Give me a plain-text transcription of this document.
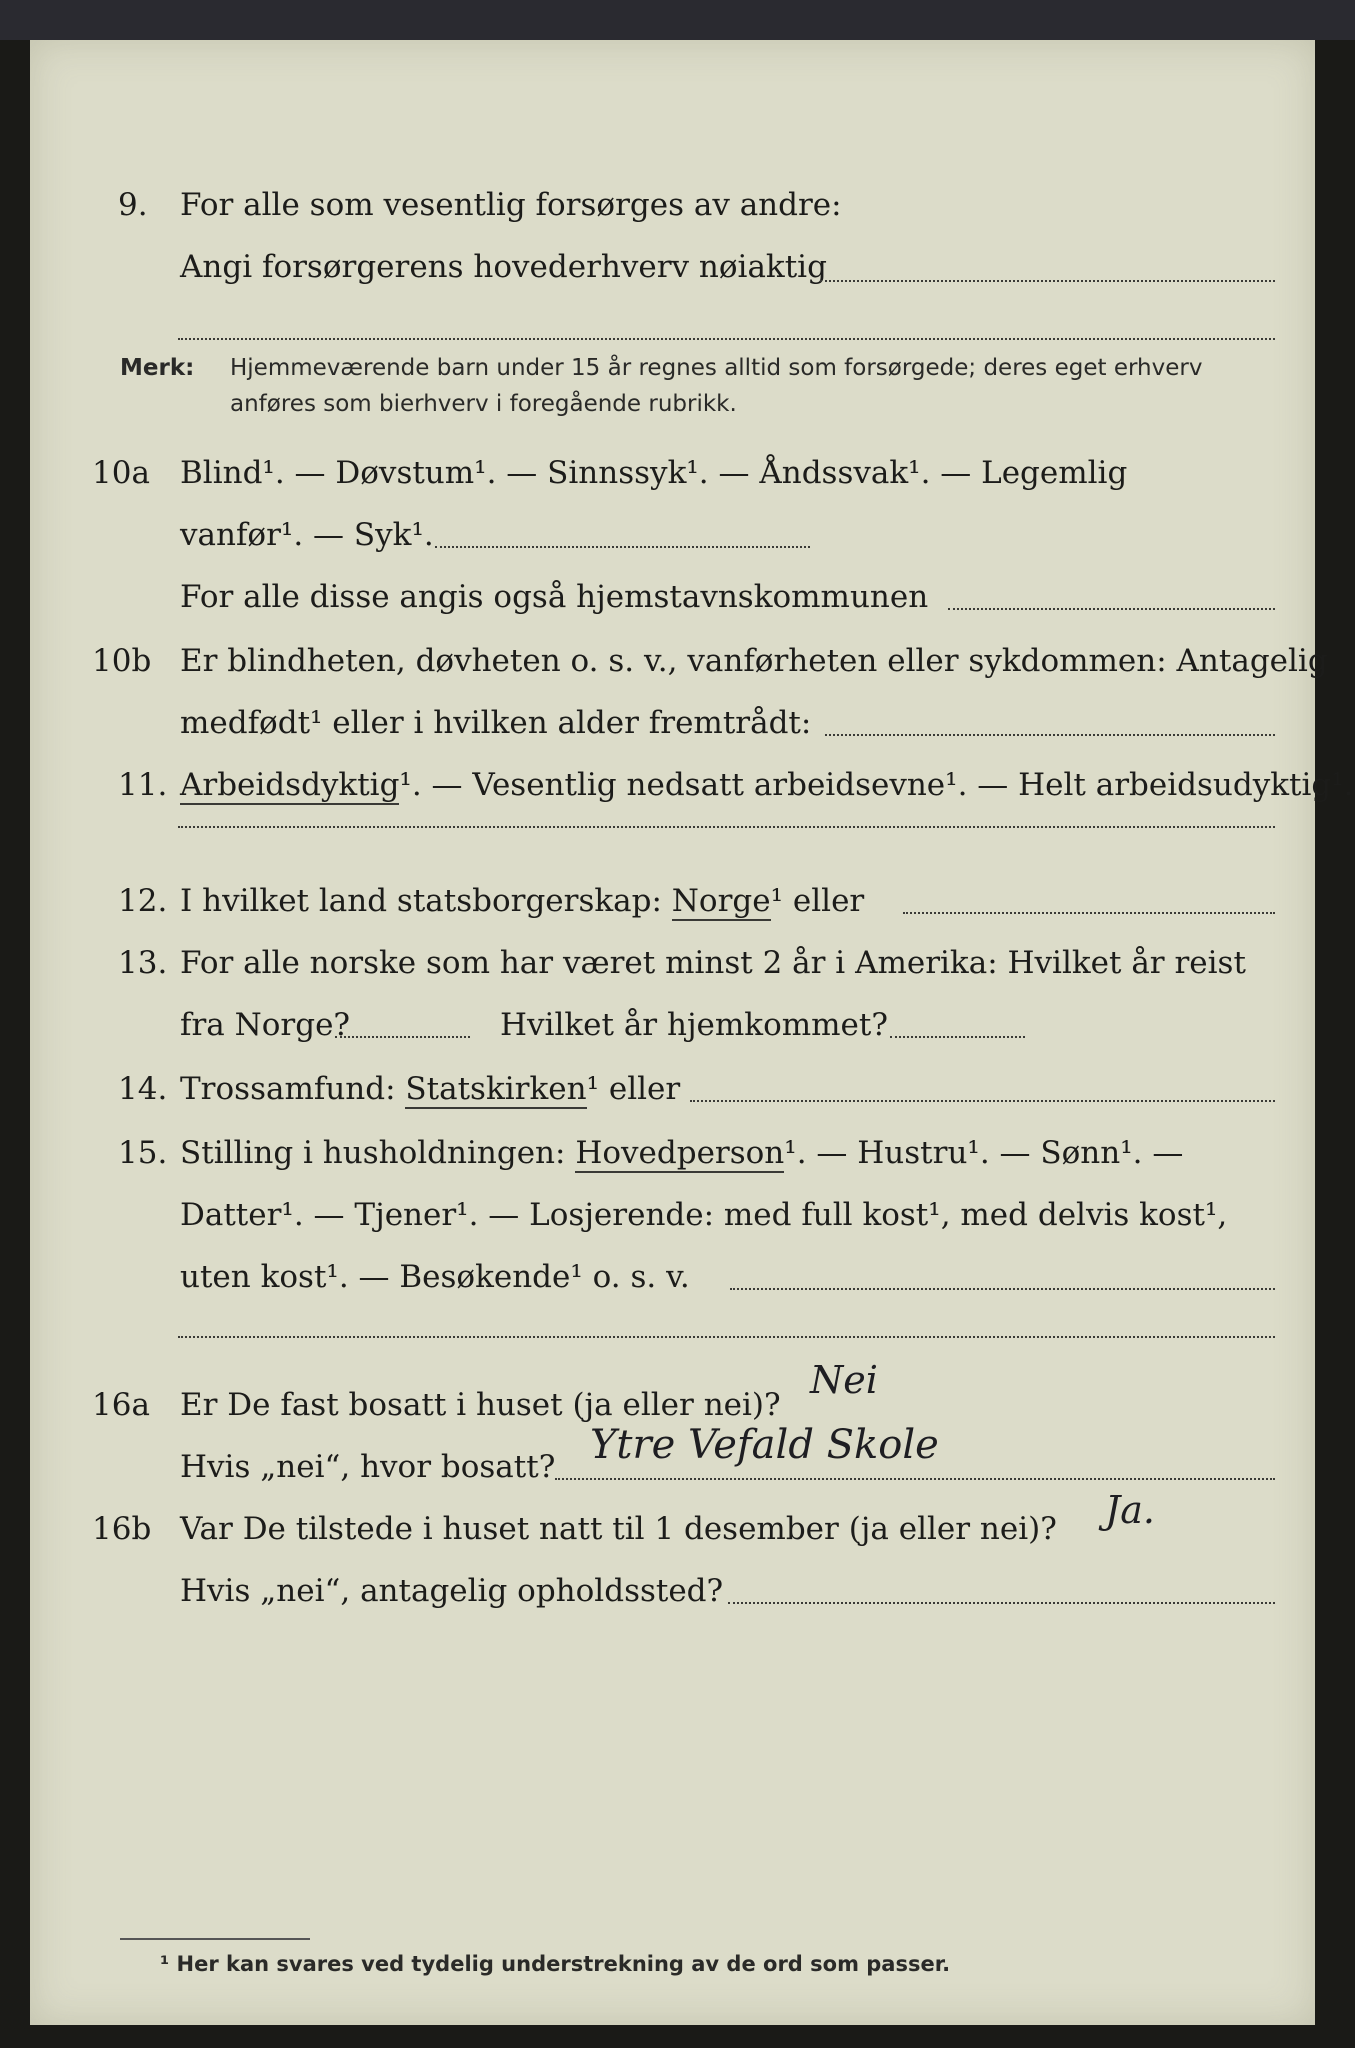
9. For alle som vesentlig forsørges av andre:
Angi forsørgerens hovederhverv nøiaktig
Merk: Hjemmeværende barn under 15 år regnes alltid som forsørgede; deres eget erhverv
anføres som bierhverv i foregående rubrikk.
10a Blind¹. — Døvstum¹. — Sinnssyk¹. — Åndssvak¹. — Legemlig
vanfør¹. — Syk¹.
For alle disse angis også hjemstavnskommunen
10b Er blindheten, døvheten o. s. v., vanførheten eller sykdommen: Antagelig
medfødt¹ eller i hvilken alder fremtrådt:
11. Arbeidsdyktig¹. — Vesentlig nedsatt arbeidsevne¹. — Helt arbeidsudyktig¹.
12. I hvilket land statsborgerskap: Norge¹ eller
13. For alle norske som har været minst 2 år i Amerika: Hvilket år reist
fra Norge?	Hvilket år hjemkommet?
14. Trossamfund: Statskirken¹ eller
15. Stilling i husholdningen: Hovedperson¹. — Hustru¹. — Sønn¹. —
Datter¹. — Tjener¹. — Losjerende: med full kost¹, med delvis kost¹,
uten kost¹. — Besøkende¹ o. s. v.
16a Er De fast bosatt i huset (ja eller nei)?
Nei
Hvis „nei“, hvor bosatt? Ytre Vefald Skole
16b Var De tilstede i huset natt til 1 desember (ja eller nei)? Ja.
Hvis „nei“, antagelig opholdssted?
¹ Her kan svares ved tydelig understrekning av de ord som passer.
